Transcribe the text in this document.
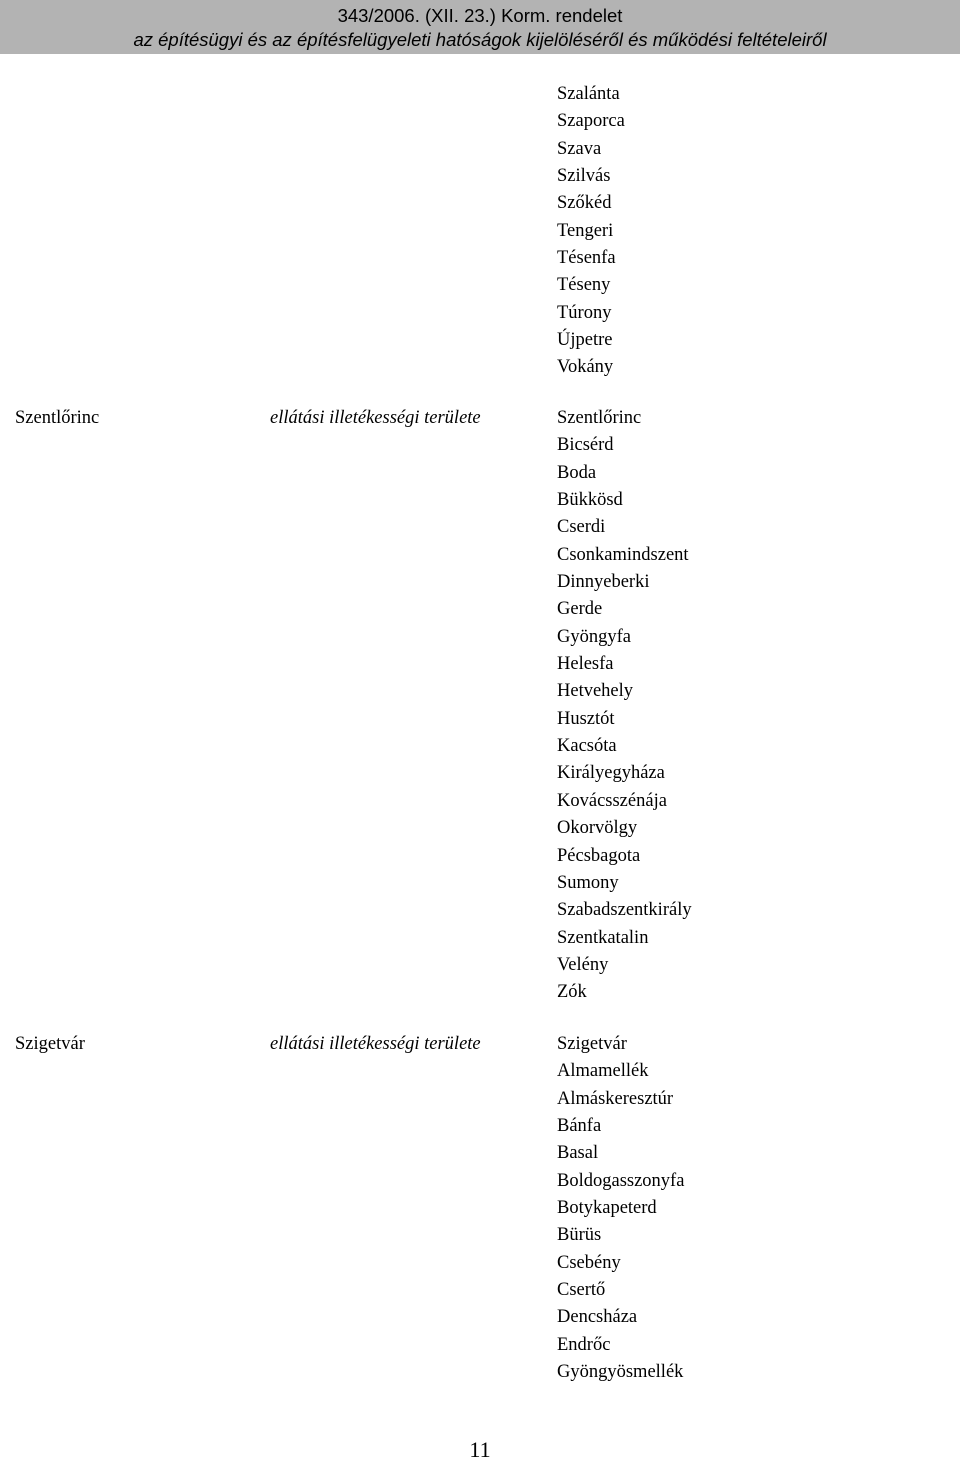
343/2006. (XII. 23.) Korm. rendelet
az építésügyi és az építésfelügyeleti hatóságok kijelöléséről és működési feltételeiről
Szalánta
Szaporca
Szava
Szilvás
Szőkéd
Tengeri
Tésenfa
Téseny
Túrony
Újpetre
Vokány
Szentlőrinc	ellátási illetékességi területe	Szentlőrinc
Bicsérd
Boda
Bükkösd
Cserdi
Csonkamindszent
Dinnyeberki
Gerde
Gyöngyfa
Helesfa
Hetvehely
Husztót
Kacsóta
Királyegyháza
Kovácsszénája
Okorvölgy
Pécsbagota
Sumony
Szabadszentkirály
Szentkatalin
Velény
Zók
Szigetvár	ellátási illetékességi területe	Szigetvár
Almamellék
Almáskeresztúr
Bánfa
Basal
Boldogasszonyfa
Botykapeterd
Bürüs
Csebény
Csertő
Dencsháza
Endrőc
Gyöngyösmellék
11
